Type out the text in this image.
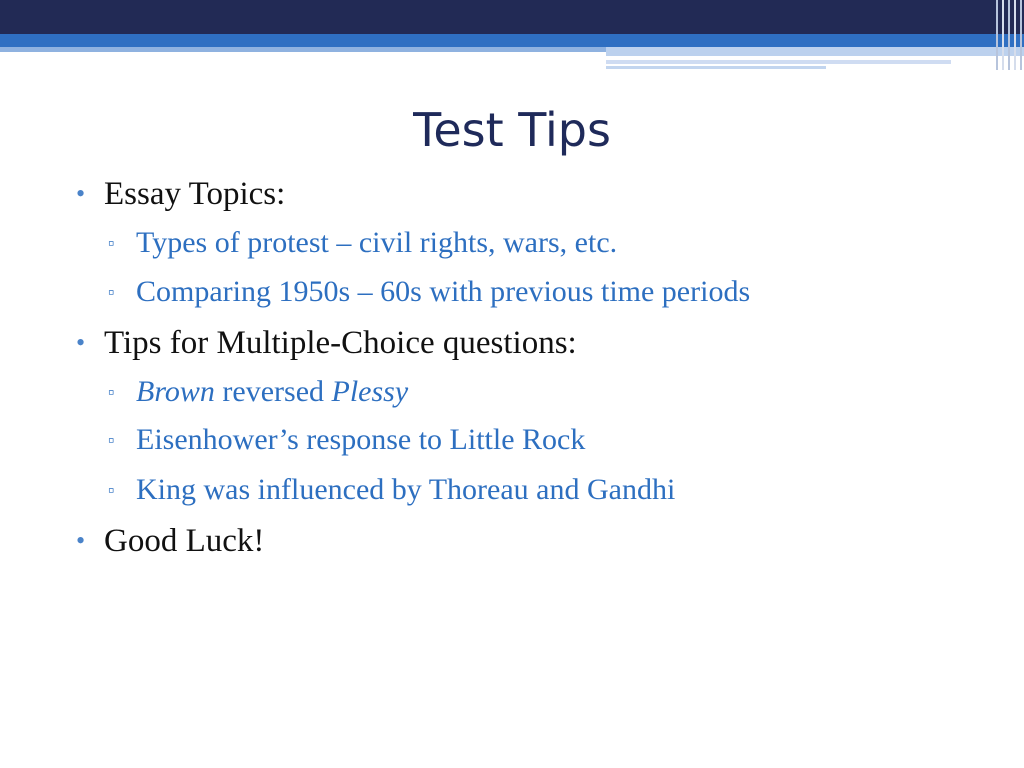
Test Tips
• Essay Topics:
▫ Types of protest – civil rights, wars, etc.
▫ Comparing 1950s – 60s with previous time periods
• Tips for Multiple-Choice questions:
▫ Brown reversed Plessy
▫ Eisenhower’s response to Little Rock
▫ King was influenced by Thoreau and Gandhi
• Good Luck!
